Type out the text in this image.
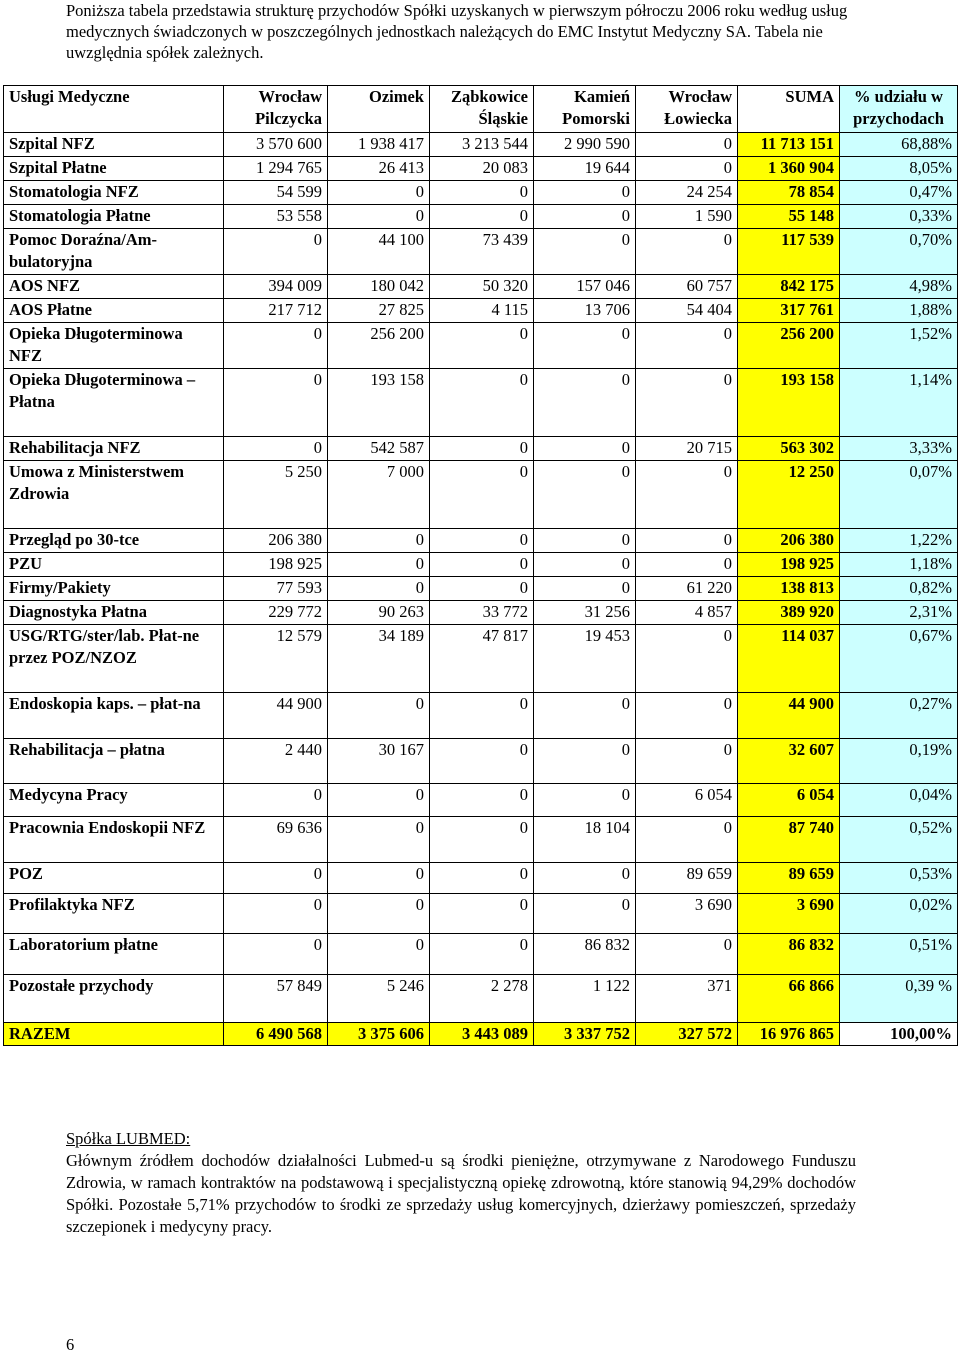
Poniższa tabela przedstawia strukturę przychodów Spółki uzyskanych w pierwszym półroczu 2006 roku według usług medycznych świadczonych w poszczególnych jednostkach należących do EMC Instytut Medyczny SA. Tabela nie uwzględnia spółek zależnych.
Usługi Medyczne	Wrocław Pilczycka	Ozimek	Ząbkowice Śląskie	Kamień Pomorski	Wrocław Łowiecka	SUMA	% udziału w przychodach
Szpital NFZ	3 570 600	1 938 417	3 213 544	2 990 590	0	11 713 151	68,88%
Szpital Płatne	1 294 765	26 413	20 083	19 644	0	1 360 904	8,05%
Stomatologia NFZ	54 599	0	0	0	24 254	78 854	0,47%
Stomatologia Płatne	53 558	0	0	0	1 590	55 148	0,33%
Pomoc Doraźna/Am-bulatoryjna	0	44 100	73 439	0	0	117 539	0,70%
AOS NFZ	394 009	180 042	50 320	157 046	60 757	842 175	4,98%
AOS Płatne	217 712	27 825	4 115	13 706	54 404	317 761	1,88%
Opieka Długoterminowa NFZ	0	256 200	0	0	0	256 200	1,52%
Opieka Długoterminowa – Płatna	0	193 158	0	0	0	193 158	1,14%
Rehabilitacja NFZ	0	542 587	0	0	20 715	563 302	3,33%
Umowa z Ministerstwem Zdrowia	5 250	7 000	0	0	0	12 250	0,07%
Przegląd po 30-tce	206 380	0	0	0	0	206 380	1,22%
PZU	198 925	0	0	0	0	198 925	1,18%
Firmy/Pakiety	77 593	0	0	0	61 220	138 813	0,82%
Diagnostyka Płatna	229 772	90 263	33 772	31 256	4 857	389 920	2,31%
USG/RTG/ster/lab. Płat-ne przez POZ/NZOZ	12 579	34 189	47 817	19 453	0	114 037	0,67%
Endoskopia kaps. – płat-na	44 900	0	0	0	0	44 900	0,27%
Rehabilitacja – płatna	2 440	30 167	0	0	0	32 607	0,19%
Medycyna Pracy	0	0	0	0	6 054	6 054	0,04%
Pracownia Endoskopii NFZ	69 636	0	0	18 104	0	87 740	0,52%
POZ	0	0	0	0	89 659	89 659	0,53%
Profilaktyka NFZ	0	0	0	0	3 690	3 690	0,02%
Laboratorium płatne	0	0	0	86 832	0	86 832	0,51%
Pozostałe przychody	57 849	5 246	2 278	1 122	371	66 866	0,39 %
RAZEM	6 490 568	3 375 606	3 443 089	3 337 752	327 572	16 976 865	100,00%
Spółka LUBMED:
Głównym źródłem dochodów działalności Lubmed-u są środki pieniężne, otrzymywane z Narodowego Funduszu Zdrowia, w ramach kontraktów na podstawową i specjalistyczną opiekę zdrowotną, które stanowią 94,29% dochodów Spółki. Pozostałe 5,71% przychodów to środki ze sprzedaży usług komercyjnych, dzierżawy pomieszczeń, sprzedaży szczepionek i medycyny pracy.
6
